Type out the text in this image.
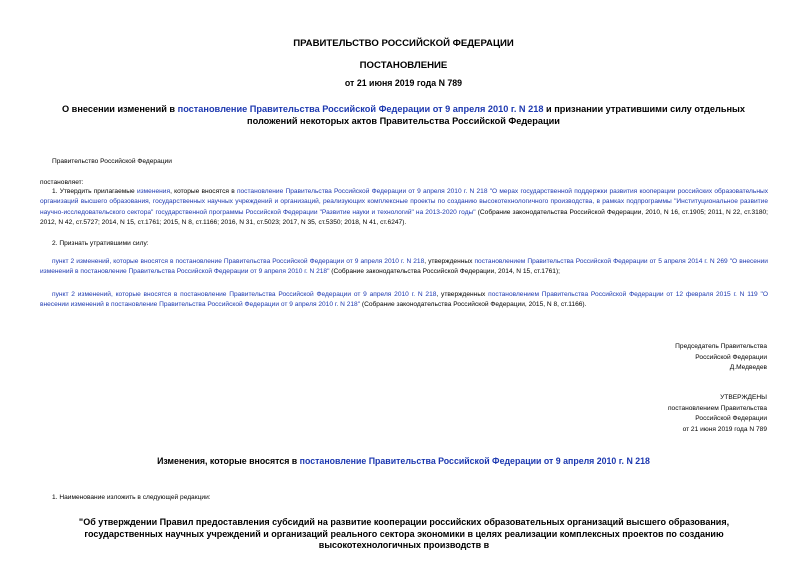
ПРАВИТЕЛЬСТВО РОССИЙСКОЙ ФЕДЕРАЦИИ
ПОСТАНОВЛЕНИЕ
от 21 июня 2019 года N 789
О внесении изменений в постановление Правительства Российской Федерации от 9 апреля 2010 г. N 218 и признании утратившими силу отдельных положений некоторых актов Правительства Российской Федерации
Правительство Российской Федерации
постановляет:
1. Утвердить прилагаемые изменения, которые вносятся в постановление Правительства Российской Федерации от 9 апреля 2010 г. N 218 "О мерах государственной поддержки развития кооперации российских образовательных организаций высшего образования, государственных научных учреждений и организаций, реализующих комплексные проекты по созданию высокотехнологичного производства, в рамках подпрограммы "Институциональное развитие научно-исследовательского сектора" государственной программы Российской Федерации "Развитие науки и технологий" на 2013-2020 годы" (Собрание законодательства Российской Федерации, 2010, N 16, ст.1905; 2011, N 22, ст.3180; 2012, N 42, ст.5727; 2014, N 15, ст.1761; 2015, N 8, ст.1166; 2016, N 31, ст.5023; 2017, N 35, ст.5350; 2018, N 41, ст.6247).
2. Признать утратившими силу:
пункт 2 изменений, которые вносятся в постановление Правительства Российской Федерации от 9 апреля 2010 г. N 218, утвержденных постановлением Правительства Российской Федерации от 5 апреля 2014 г. N 269 "О внесении изменений в постановление Правительства Российской Федерации от 9 апреля 2010 г. N 218" (Собрание законодательства Российской Федерации, 2014, N 15, ст.1761);
пункт 2 изменений, которые вносятся в постановление Правительства Российской Федерации от 9 апреля 2010 г. N 218, утвержденных постановлением Правительства Российской Федерации от 12 февраля 2015 г. N 119 "О внесении изменений в постановление Правительства Российской Федерации от 9 апреля 2010 г. N 218" (Собрание законодательства Российской Федерации, 2015, N 8, ст.1166).
Председатель Правительства
Российской Федерации
Д.Медведев
УТВЕРЖДЕНЫ
постановлением Правительства
Российской Федерации
от 21 июня 2019 года N 789
Изменения, которые вносятся в постановление Правительства Российской Федерации от 9 апреля 2010 г. N 218
1. Наименование изложить в следующей редакции:
"Об утверждении Правил предоставления субсидий на развитие кооперации российских образовательных организаций высшего образования, государственных научных учреждений и организаций реального сектора экономики в целях реализации комплексных проектов по созданию высокотехнологичных производств в
